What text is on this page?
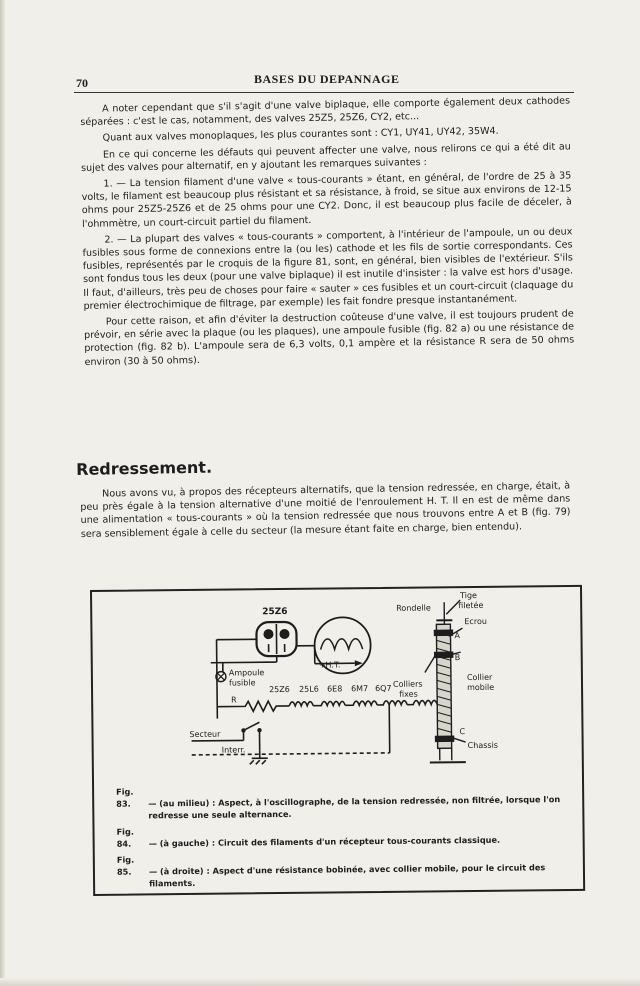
70	BASES DU DEPANNAGE

A noter cependant que s'il s'agit d'une valve biplaque, elle comporte également deux cathodes séparées : c'est le cas, notamment, des valves 25Z5, 25Z6, CY2, etc...

Quant aux valves monoplaques, les plus courantes sont : CY1, UY41, UY42, 35W4.

En ce qui concerne les défauts qui peuvent affecter une valve, nous relirons ce qui a été dit au sujet des valves pour alternatif, en y ajoutant les remarques suivantes :

1. — La tension filament d'une valve « tous-courants » étant, en général, de l'ordre de 25 à 35 volts, le filament est beaucoup plus résistant et sa résistance, à froid, se situe aux environs de 12-15 ohms pour 25Z5-25Z6 et de 25 ohms pour une CY2. Donc, il est beaucoup plus facile de déceler, à l'ohmmètre, un court-circuit partiel du filament.

2. — La plupart des valves « tous-courants » comportent, à l'intérieur de l'ampoule, un ou deux fusibles sous forme de connexions entre la (ou les) cathode et les fils de sortie correspondants. Ces fusibles, représentés par le croquis de la figure 81, sont, en général, bien visibles de l'extérieur. S'ils sont fondus tous les deux (pour une valve biplaque) il est inutile d'insister : la valve est hors d'usage. Il faut, d'ailleurs, très peu de choses pour faire « sauter » ces fusibles et un court-circuit (claquage du premier électrochimique de filtrage, par exemple) les fait fondre presque instantanément.

Pour cette raison, et afin d'éviter la destruction coûteuse d'une valve, il est toujours prudent de prévoir, en série avec la plaque (ou les plaques), une ampoule fusible (fig. 82 a) ou une résistance de protection (fig. 82 b). L'ampoule sera de 6,3 volts, 0,1 ampère et la résistance R sera de 50 ohms environ (30 à 50 ohms).

Redressement.

Nous avons vu, à propos des récepteurs alternatifs, que la tension redressée, en charge, était, à peu près égale à la tension alternative d'une moitié de l'enroulement H. T. Il en est de même dans une alimentation « tous-courants » où la tension redressée que nous trouvons entre A et B (fig. 79) sera sensiblement égale à celle du secteur (la mesure étant faite en charge, bien entendu).

25Z6
Ampoule
fusible
+H.T.
R
Secteur
Interr.
25Z6 25L6 6E8 6M7 6Q7
Rondelle
Tige
filetée
Ecrou
A
B
Collier
mobile
Colliers
fixes
C
Chassis

Fig. 83. — (au milieu) : Aspect, à l'oscillographe, de la tension redressée, non filtrée, lorsque l'on redresse une seule alternance.

Fig. 84. — (à gauche) : Circuit des filaments d'un récepteur tous-courants classique.

Fig. 85. — (à droite) : Aspect d'une résistance bobinée, avec collier mobile, pour le circuit des filaments.
